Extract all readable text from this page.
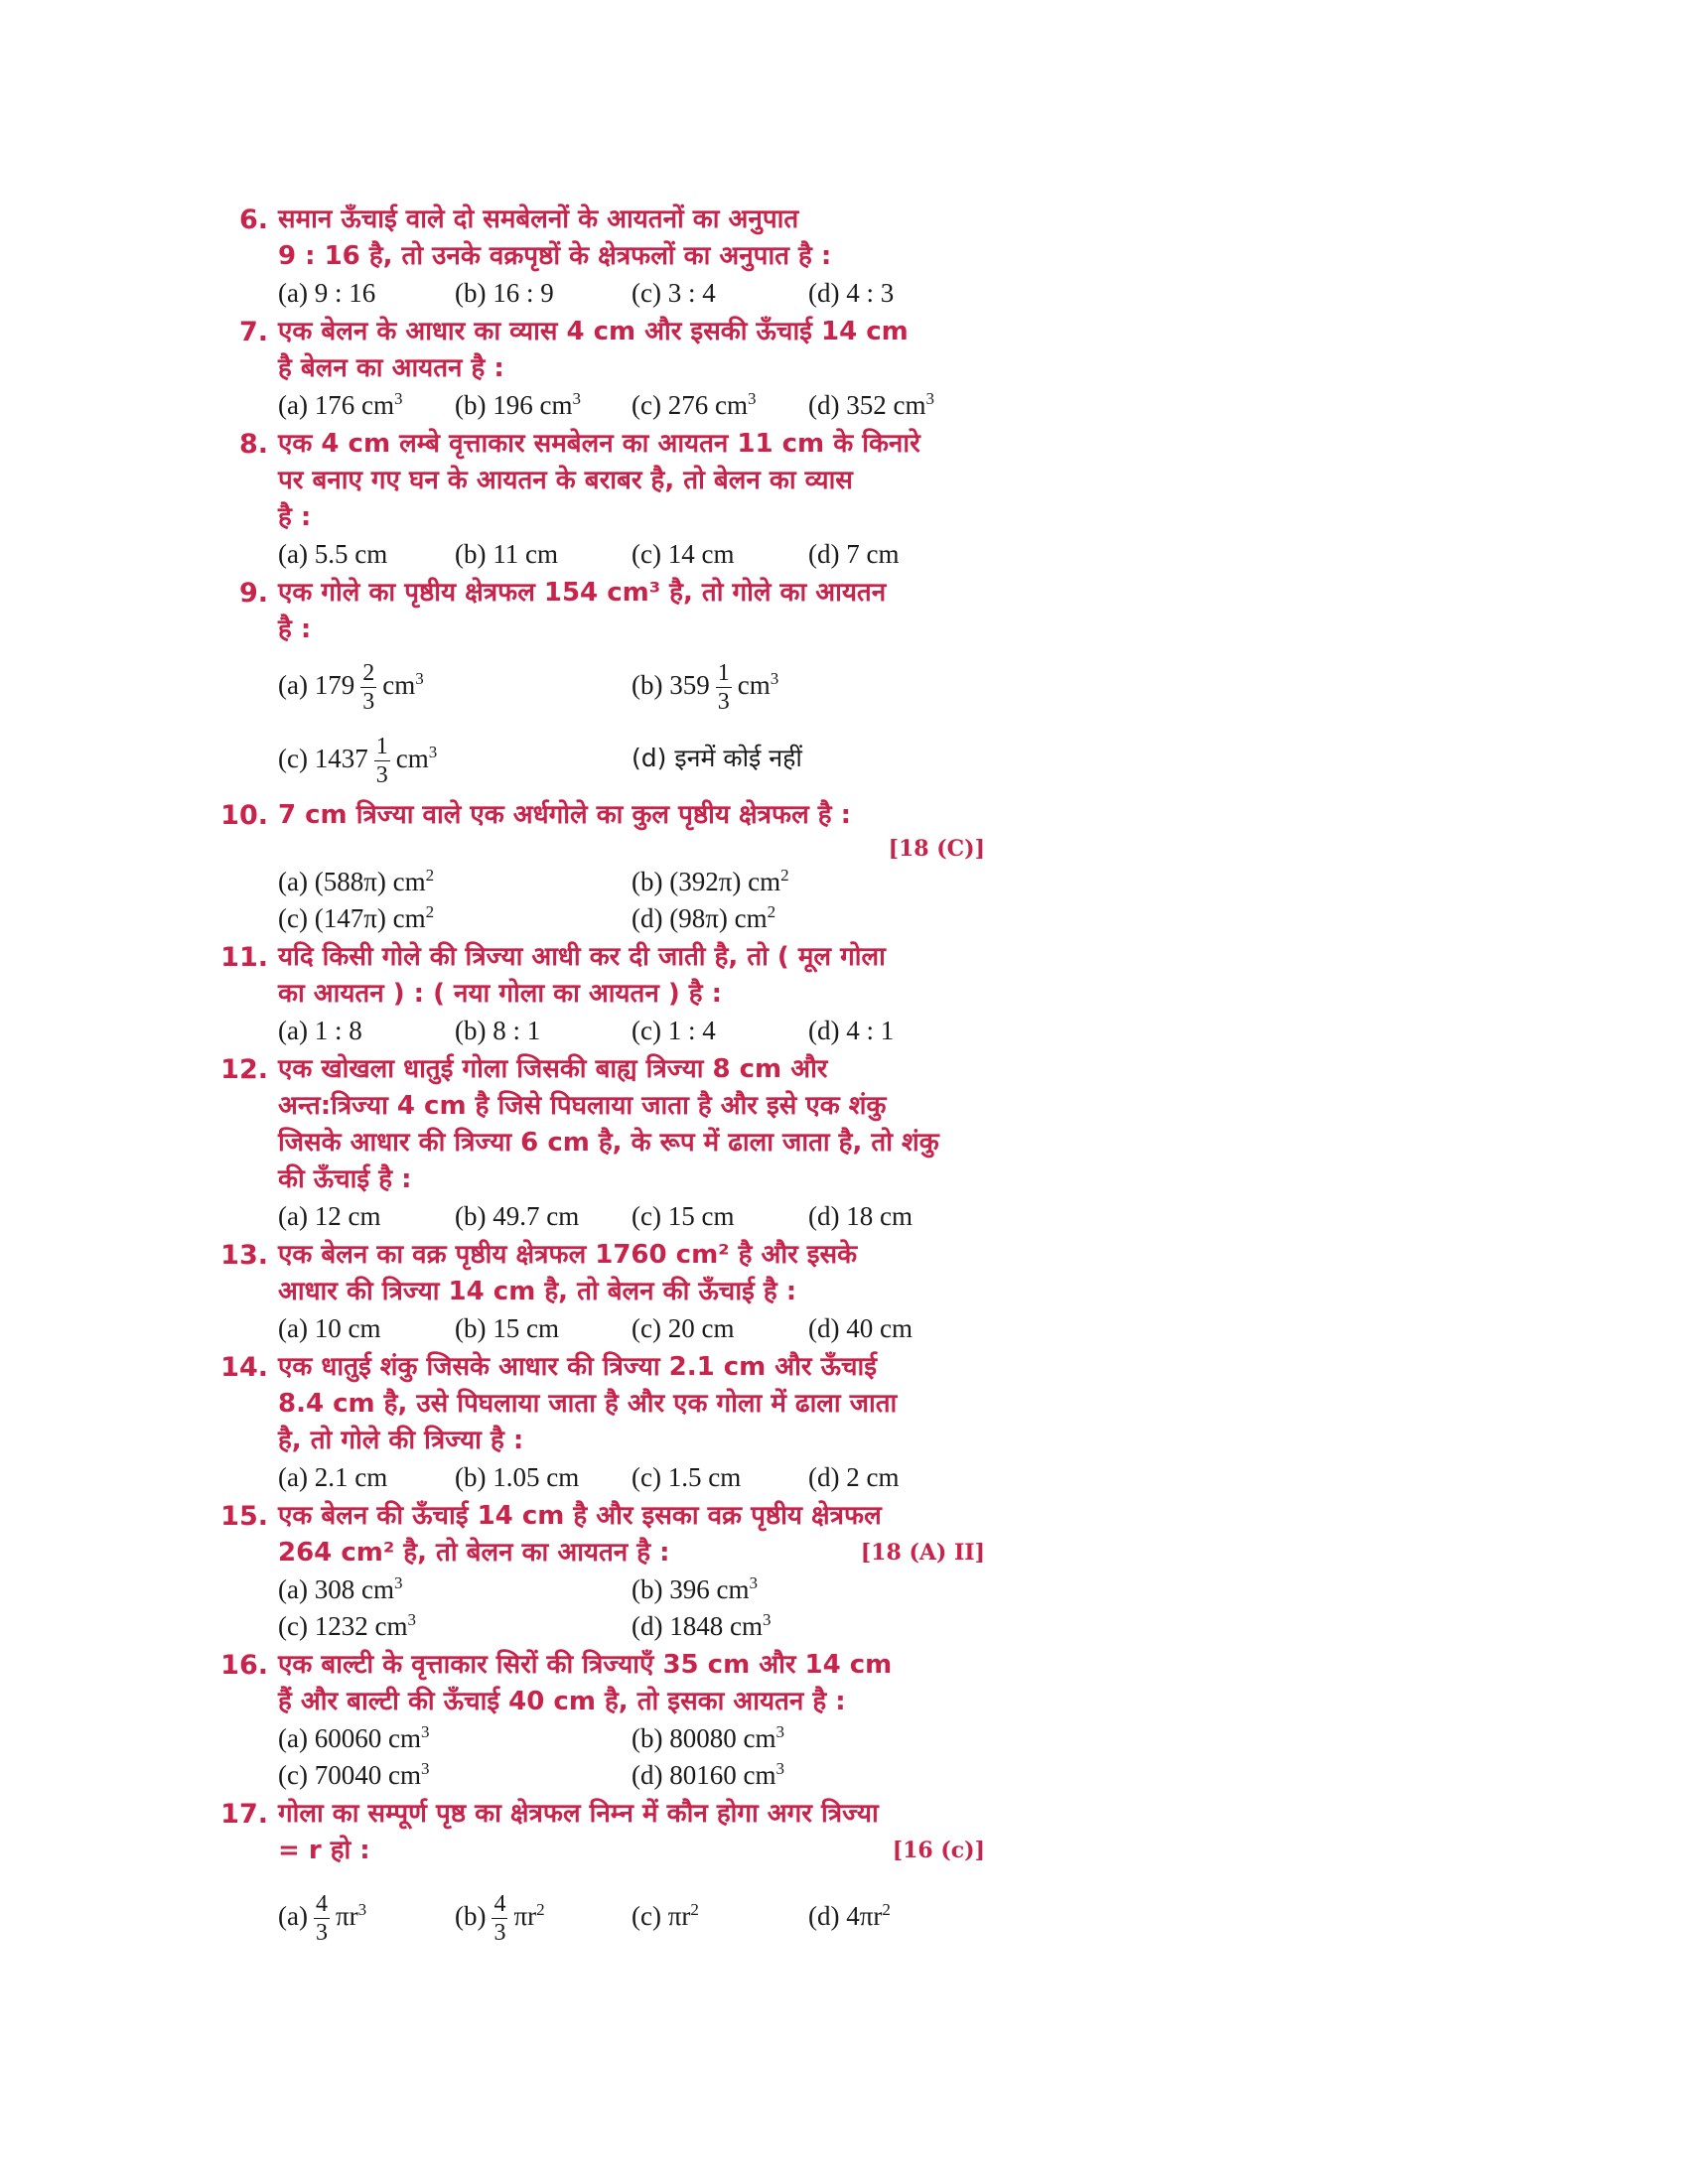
6. समान ऊँचाई वाले दो समबेलनों के आयतनों का अनुपात
9 : 16 है, तो उनके वक्रपृष्ठों के क्षेत्रफलों का अनुपात है :
(a) 9 : 16	(b) 16 : 9	(c) 3 : 4	(d) 4 : 3
7. एक बेलन के आधार का व्यास 4 cm और इसकी ऊँचाई 14 cm
है बेलन का आयतन है :
(a) 176 $cm^3$	(b) 196 $cm^3$	(c) 276 $cm^3$	(d) 352 $cm^3$
8. एक 4 cm लम्बे वृत्ताकार समबेलन का आयतन 11 cm के किनारे
पर बनाए गए घन के आयतन के बराबर है, तो बेलन का व्यास
है :
(a) 5.5 cm	(b) 11 cm	(c) 14 cm	(d) 7 cm
9. एक गोले का पृष्ठीय क्षेत्रफल 154 cm³ है, तो गोले का आयतन
है :
(a) $179 \frac{2}{3} cm^3$	(b) $359 \frac{1}{3} cm^3$
(c) $1437 \frac{1}{3} cm^3$	(d) इनमें कोई नहीं
10. 7 cm त्रिज्या वाले एक अर्धगोले का कुल पृष्ठीय क्षेत्रफल है :
[18 (C)]
(a) (588π) $cm^2$	(b) (392π) $cm^2$
(c) (147π) $cm^2$	(d) (98π) $cm^2$
11. यदि किसी गोले की त्रिज्या आधी कर दी जाती है, तो ( मूल गोला
का आयतन ) : ( नया गोला का आयतन ) है :
(a) 1 : 8	(b) 8 : 1	(c) 1 : 4	(d) 4 : 1
12. एक खोखला धातुई गोला जिसकी बाह्य त्रिज्या 8 cm और
अन्त:त्रिज्या 4 cm है जिसे पिघलाया जाता है और इसे एक शंकु
जिसके आधार की त्रिज्या 6 cm है, के रूप में ढाला जाता है, तो शंकु
की ऊँचाई है :
(a) 12 cm	(b) 49.7 cm	(c) 15 cm	(d) 18 cm
13. एक बेलन का वक्र पृष्ठीय क्षेत्रफल 1760 cm² है और इसके
आधार की त्रिज्या 14 cm है, तो बेलन की ऊँचाई है :
(a) 10 cm	(b) 15 cm	(c) 20 cm	(d) 40 cm
14. एक धातुई शंकु जिसके आधार की त्रिज्या 2.1 cm और ऊँचाई
8.4 cm है, उसे पिघलाया जाता है और एक गोला में ढाला जाता
है, तो गोले की त्रिज्या है :
(a) 2.1 cm	(b) 1.05 cm	(c) 1.5 cm	(d) 2 cm
15. एक बेलन की ऊँचाई 14 cm है और इसका वक्र पृष्ठीय क्षेत्रफल
264 cm² है, तो बेलन का आयतन है :	[18 (A) II]
(a) 308 $cm^3$	(b) 396 $cm^3$
(c) 1232 $cm^3$	(d) 1848 $cm^3$
16. एक बाल्टी के वृत्ताकार सिरों की त्रिज्याएँ 35 cm और 14 cm
हैं और बाल्टी की ऊँचाई 40 cm है, तो इसका आयतन है :
(a) 60060 $cm^3$	(b) 80080 $cm^3$
(c) 70040 $cm^3$	(d) 80160 $cm^3$
17. गोला का सम्पूर्ण पृष्ठ का क्षेत्रफल निम्न में कौन होगा अगर त्रिज्या
= r हो :	[16 (c)]
$(a) \frac{4}{3} \pi r^3$	$(b) \frac{4}{3} \pi r^2$	(c) $\pi r^2$	(d) $4\pi r^2$
